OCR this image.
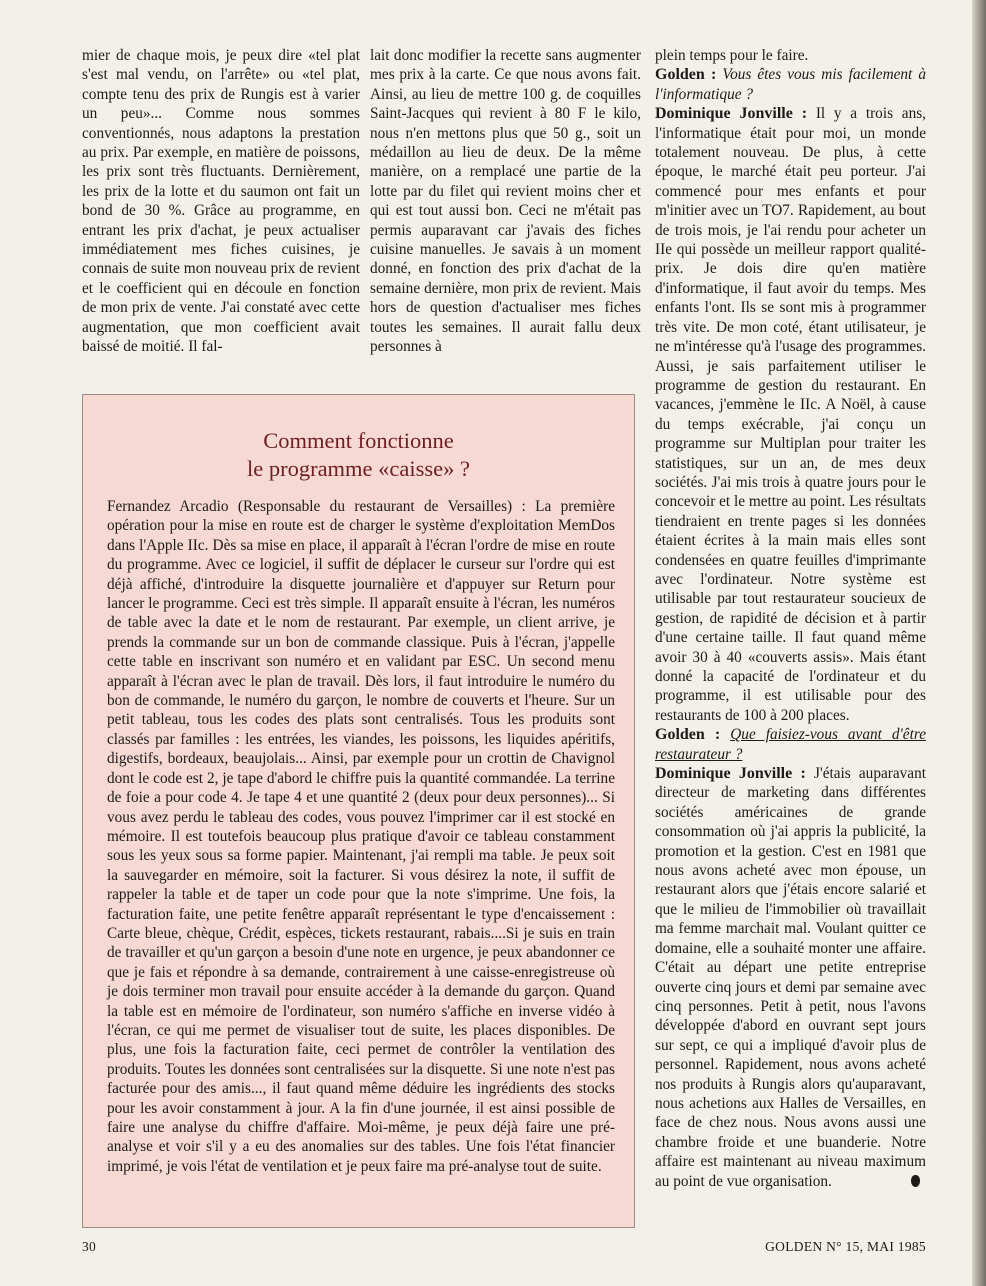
mier de chaque mois, je peux dire «tel plat s'est mal vendu, on l'arrête» ou «tel plat, compte tenu des prix de Rungis est à varier un peu»... Comme nous sommes conventionnés, nous adaptons la prestation au prix. Par exemple, en matière de poissons, les prix sont très fluctuants. Dernièrement, les prix de la lotte et du saumon ont fait un bond de 30 %. Grâce au programme, en entrant les prix d'achat, je peux actualiser immédiatement mes fiches cuisines, je connais de suite mon nouveau prix de revient et le coefficient qui en découle en fonction de mon prix de vente. J'ai constaté avec cette augmentation, que mon coefficient avait baissé de moitié. Il fal-

lait donc modifier la recette sans augmenter mes prix à la carte. Ce que nous avons fait. Ainsi, au lieu de mettre 100 g. de coquilles Saint-Jacques qui revient à 80 F le kilo, nous n'en mettons plus que 50 g., soit un médaillon au lieu de deux. De la même manière, on a remplacé une partie de la lotte par du filet qui revient moins cher et qui est tout aussi bon. Ceci ne m'était pas permis auparavant car j'avais des fiches cuisine manuelles. Je savais à un moment donné, en fonction des prix d'achat de la semaine dernière, mon prix de revient. Mais hors de question d'actualiser mes fiches toutes les semaines. Il aurait fallu deux personnes à

plein temps pour le faire.

Golden : Vous êtes vous mis facilement à l'informatique ?

Dominique Jonville : Il y a trois ans, l'informatique était pour moi, un monde totalement nouveau. De plus, à cette époque, le marché était peu porteur. J'ai commencé pour mes enfants et pour m'initier avec un TO7. Rapidement, au bout de trois mois, je l'ai rendu pour acheter un IIe qui possède un meilleur rapport qualité-prix. Je dois dire qu'en matière d'informatique, il faut avoir du temps. Mes enfants l'ont. Ils se sont mis à programmer très vite. De mon coté, étant utilisateur, je ne m'intéresse qu'à l'usage des programmes. Aussi, je sais parfaitement utiliser le programme de gestion du restaurant. En vacances, j'emmène le IIc. A Noël, à cause du temps exécrable, j'ai conçu un programme sur Multiplan pour traiter les statistiques, sur un an, de mes deux sociétés. J'ai mis trois à quatre jours pour le concevoir et le mettre au point. Les résultats tiendraient en trente pages si les données étaient écrites à la main mais elles sont condensées en quatre feuilles d'imprimante avec l'ordinateur. Notre système est utilisable par tout restaurateur soucieux de gestion, de rapidité de décision et à partir d'une certaine taille. Il faut quand même avoir 30 à 40 «couverts assis». Mais étant donné la capacité de l'ordinateur et du programme, il est utilisable pour des restaurants de 100 à 200 places.

Golden : Que faisiez-vous avant d'être restaurateur ?

Dominique Jonville : J'étais auparavant directeur de marketing dans différentes sociétés américaines de grande consommation où j'ai appris la publicité, la promotion et la gestion. C'est en 1981 que nous avons acheté avec mon épouse, un restaurant alors que j'étais encore salarié et que le milieu de l'immobilier où travaillait ma femme marchait mal. Voulant quitter ce domaine, elle a souhaité monter une affaire. C'était au départ une petite entreprise ouverte cinq jours et demi par semaine avec cinq personnes. Petit à petit, nous l'avons développée d'abord en ouvrant sept jours sur sept, ce qui a impliqué d'avoir plus de personnel. Rapidement, nous avons acheté nos produits à Rungis alors qu'auparavant, nous achetions aux Halles de Versailles, en face de chez nous. Nous avons aussi une chambre froide et une buanderie. Notre affaire est maintenant au niveau maximum au point de vue organisation.

Comment fonctionne
le programme «caisse» ?

Fernandez Arcadio (Responsable du restaurant de Versailles) : La première opération pour la mise en route est de charger le système d'exploitation MemDos dans l'Apple IIc. Dès sa mise en place, il apparaît à l'écran l'ordre de mise en route du programme. Avec ce logiciel, il suffit de déplacer le curseur sur l'ordre qui est déjà affiché, d'introduire la disquette journalière et d'appuyer sur Return pour lancer le programme. Ceci est très simple. Il apparaît ensuite à l'écran, les numéros de table avec la date et le nom de restaurant. Par exemple, un client arrive, je prends la commande sur un bon de commande classique. Puis à l'écran, j'appelle cette table en inscrivant son numéro et en validant par ESC. Un second menu apparaît à l'écran avec le plan de travail. Dès lors, il faut introduire le numéro du bon de commande, le numéro du garçon, le nombre de couverts et l'heure. Sur un petit tableau, tous les codes des plats sont centralisés. Tous les produits sont classés par familles : les entrées, les viandes, les poissons, les liquides apéritifs, digestifs, bordeaux, beaujolais... Ainsi, par exemple pour un crottin de Chavignol dont le code est 2, je tape d'abord le chiffre puis la quantité commandée. La terrine de foie a pour code 4. Je tape 4 et une quantité 2 (deux pour deux personnes)... Si vous avez perdu le tableau des codes, vous pouvez l'imprimer car il est stocké en mémoire. Il est toutefois beaucoup plus pratique d'avoir ce tableau constamment sous les yeux sous sa forme papier. Maintenant, j'ai rempli ma table. Je peux soit la sauvegarder en mémoire, soit la facturer. Si vous désirez la note, il suffit de rappeler la table et de taper un code pour que la note s'imprime. Une fois, la facturation faite, une petite fenêtre apparaît représentant le type d'encaissement : Carte bleue, chèque, Crédit, espèces, tickets restaurant, rabais....Si je suis en train de travailler et qu'un garçon a besoin d'une note en urgence, je peux abandonner ce que je fais et répondre à sa demande, contrairement à une caisse-enregistreuse où je dois terminer mon travail pour ensuite accéder à la demande du garçon. Quand la table est en mémoire de l'ordinateur, son numéro s'affiche en inverse vidéo à l'écran, ce qui me permet de visualiser tout de suite, les places disponibles. De plus, une fois la facturation faite, ceci permet de contrôler la ventilation des produits. Toutes les données sont centralisées sur la disquette. Si une note n'est pas facturée pour des amis..., il faut quand même déduire les ingrédients des stocks pour les avoir constamment à jour. A la fin d'une journée, il est ainsi possible de faire une analyse du chiffre d'affaire. Moi-même, je peux déjà faire une pré-analyse et voir s'il y a eu des anomalies sur des tables. Une fois l'état financier imprimé, je vois l'état de ventilation et je peux faire ma pré-analyse tout de suite.

30	GOLDEN N° 15, MAI 1985
